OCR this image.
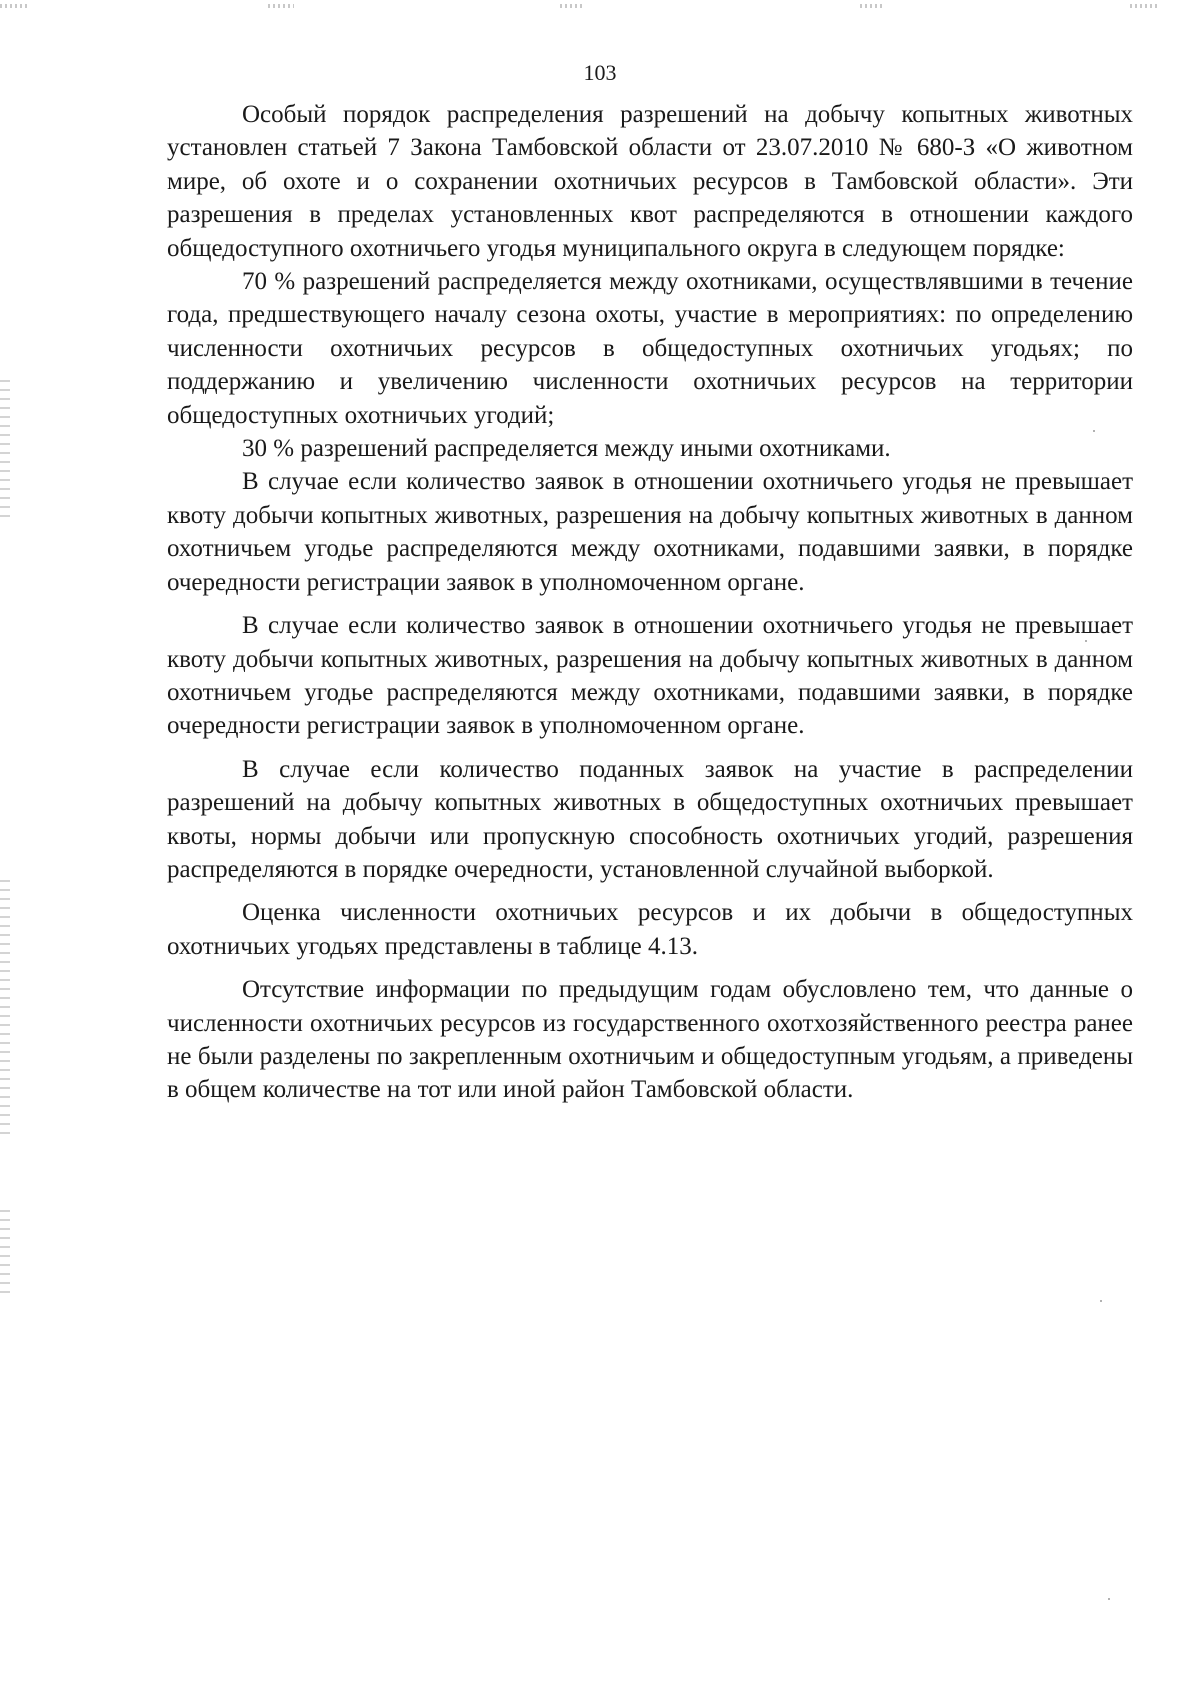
103

Особый порядок распределения разрешений на добычу копытных животных установлен статьей 7 Закона Тамбовской области от 23.07.2010 № 680-З «О животном мире, об охоте и о сохранении охотничьих ресурсов в Тамбовской области». Эти разрешения в пределах установленных квот распределяются в отношении каждого общедоступного охотничьего угодья муниципального округа в следующем порядке:

70 % разрешений распределяется между охотниками, осуществлявшими в течение года, предшествующего началу сезона охоты, участие в мероприятиях: по определению численности охотничьих ресурсов в общедоступных охотничьих угодьях; по поддержанию и увеличению численности охотничьих ресурсов на территории общедоступных охотничьих угодий;

30 % разрешений распределяется между иными охотниками.

В случае если количество заявок в отношении охотничьего угодья не превышает квоту добычи копытных животных, разрешения на добычу копытных животных в данном охотничьем угодье распределяются между охотниками, подавшими заявки, в порядке очередности регистрации заявок в уполномоченном органе.

В случае если количество заявок в отношении охотничьего угодья не превышает квоту добычи копытных животных, разрешения на добычу копытных животных в данном охотничьем угодье распределяются между охотниками, подавшими заявки, в порядке очередности регистрации заявок в уполномоченном органе.

В случае если количество поданных заявок на участие в распределении разрешений на добычу копытных животных в общедоступных охотничьих превышает квоты, нормы добычи или пропускную способность охотничьих угодий, разрешения распределяются в порядке очередности, установленной случайной выборкой.

Оценка численности охотничьих ресурсов и их добычи в общедоступных охотничьих угодьях представлены в таблице 4.13.

Отсутствие информации по предыдущим годам обусловлено тем, что данные о численности охотничьих ресурсов из государственного охотхозяйственного реестра ранее не были разделены по закрепленным охотничьим и общедоступным угодьям, а приведены в общем количестве на тот или иной район Тамбовской области.
